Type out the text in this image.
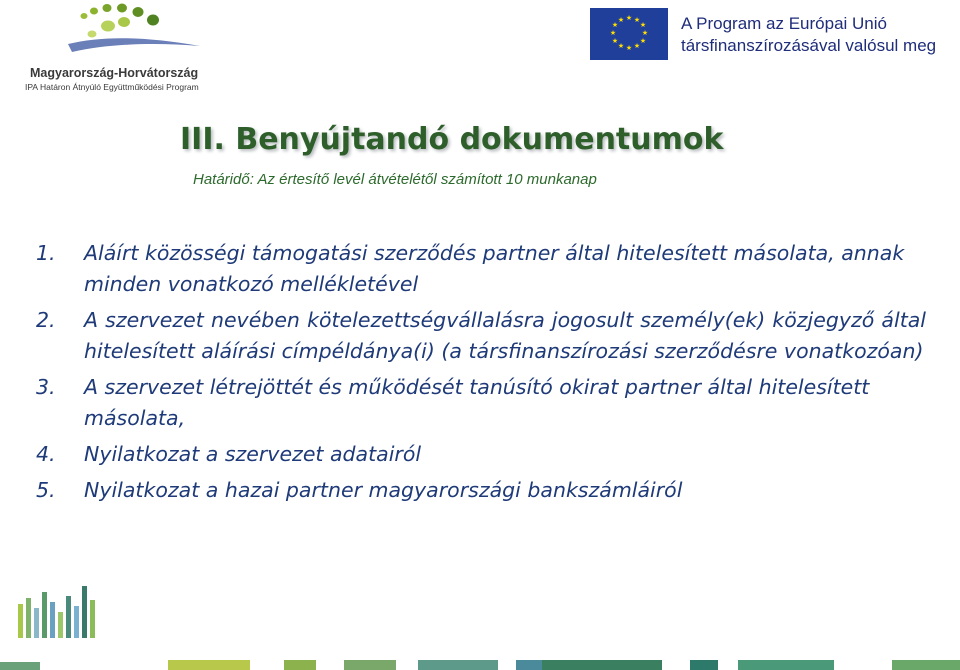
Magyarország-Horvátország
IPA Határon Átnyúló Együttműködési Program
★ ★
★
★
★
★
★
★
★
★
★
★	A Program az Európai Unió
társfinanszírozásával valósul meg
III. Benyújtandó dokumentumok
Határidő: Az értesítő levél átvételétől számított 10 munkanap
1. Aláírt közösségi támogatási szerződés partner által hitelesített másolata, annak minden vonatkozó mellékletével
2. A szervezet nevében kötelezettségvállalásra jogosult személy(ek) közjegyző által hitelesített aláírási címpéldánya(i) (a társfinanszírozási szerződésre vonatkozóan)
3. A szervezet létrejöttét és működését tanúsító okirat partner által hitelesített másolata,
4. Nyilatkozat a szervezet adatairól
5. Nyilatkozat a hazai partner magyarországi bankszámláiról
